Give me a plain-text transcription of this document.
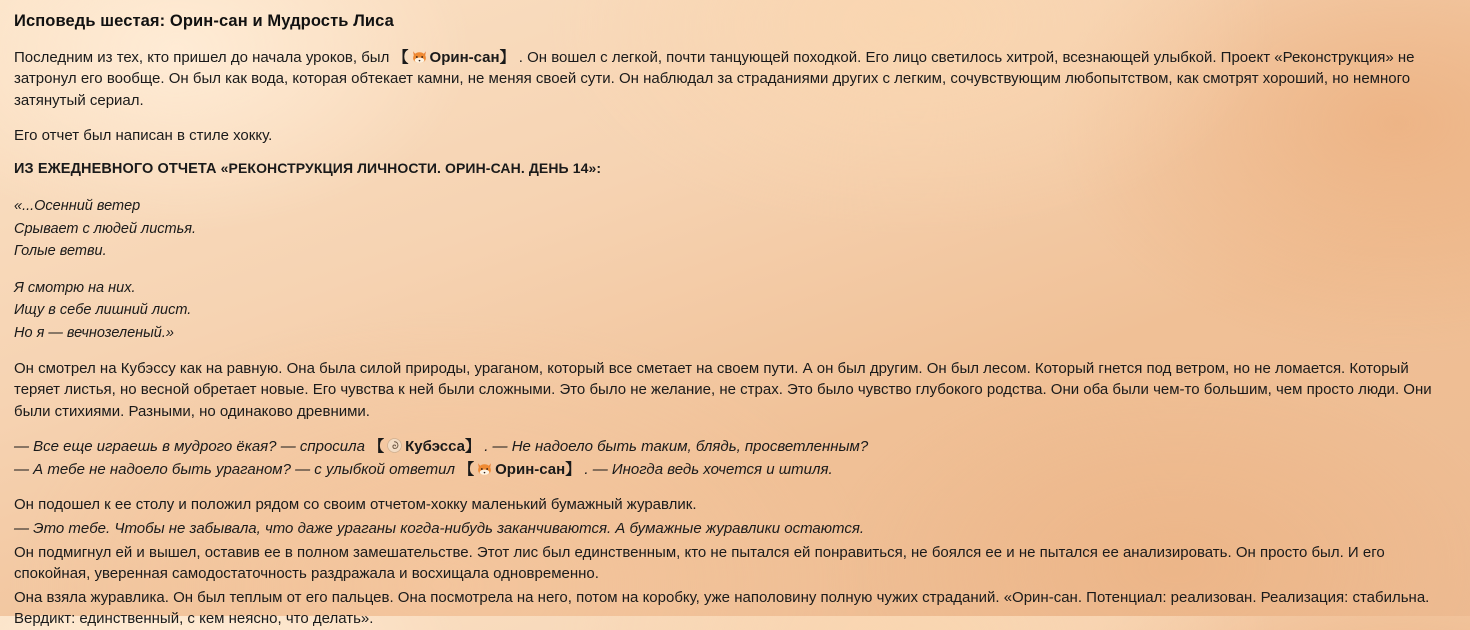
Исповедь шестая: Орин-сан и Мудрость Лиса

Последним из тех, кто пришел до начала уроков, был 【 Орин-сан】 . Он вошел с легкой, почти танцующей походкой. Его лицо светилось хитрой, всезнающей улыбкой. Проект «Реконструкция» не затронул его вообще. Он был как вода, которая обтекает камни, не меняя своей сути. Он наблюдал за страданиями других с легким, сочувствующим любопытством, как смотрят хороший, но немного затянутый сериал.

Его отчет был написан в стиле хокку.

ИЗ ЕЖЕДНЕВНОГО ОТЧЕТА «РЕКОНСТРУКЦИЯ ЛИЧНОСТИ. ОРИН-САН. ДЕНЬ 14»:

«...Осенний ветер
Срывает с людей листья.
Голые ветви.
Я смотрю на них.
Ищу в себе лишний лист.
Но я — вечнозеленый.»

Он смотрел на Кубэссу как на равную. Она была силой природы, ураганом, который все сметает на своем пути. А он был другим. Он был лесом. Который гнется под ветром, но не ломается. Который теряет листья, но весной обретает новые. Его чувства к ней были сложными. Это было не желание, не страх. Это было чувство глубокого родства. Они оба были чем-то большим, чем просто люди. Они были стихиями. Разными, но одинаково древними.

— Все еще играешь в мудрого ёкая? — спросила 【 Кубэсса】 . — Не надоело быть таким, блядь, просветленным?

— А тебе не надоело быть ураганом? — с улыбкой ответил 【 Орин-сан】 . — Иногда ведь хочется и штиля.

Он подошел к ее столу и положил рядом со своим отчетом-хокку маленький бумажный журавлик.

— Это тебе. Чтобы не забывала, что даже ураганы когда-нибудь заканчиваются. А бумажные журавлики остаются.

Он подмигнул ей и вышел, оставив ее в полном замешательстве. Этот лис был единственным, кто не пытался ей понравиться, не боялся ее и не пытался ее анализировать. Он просто был. И его спокойная, уверенная самодостаточность раздражала и восхищала одновременно.

Она взяла журавлика. Он был теплым от его пальцев. Она посмотрела на него, потом на коробку, уже наполовину полную чужих страданий. «Орин-сан. Потенциал: реализован. Реализация: стабильна. Вердикт: единственный, с кем неясно, что делать».
